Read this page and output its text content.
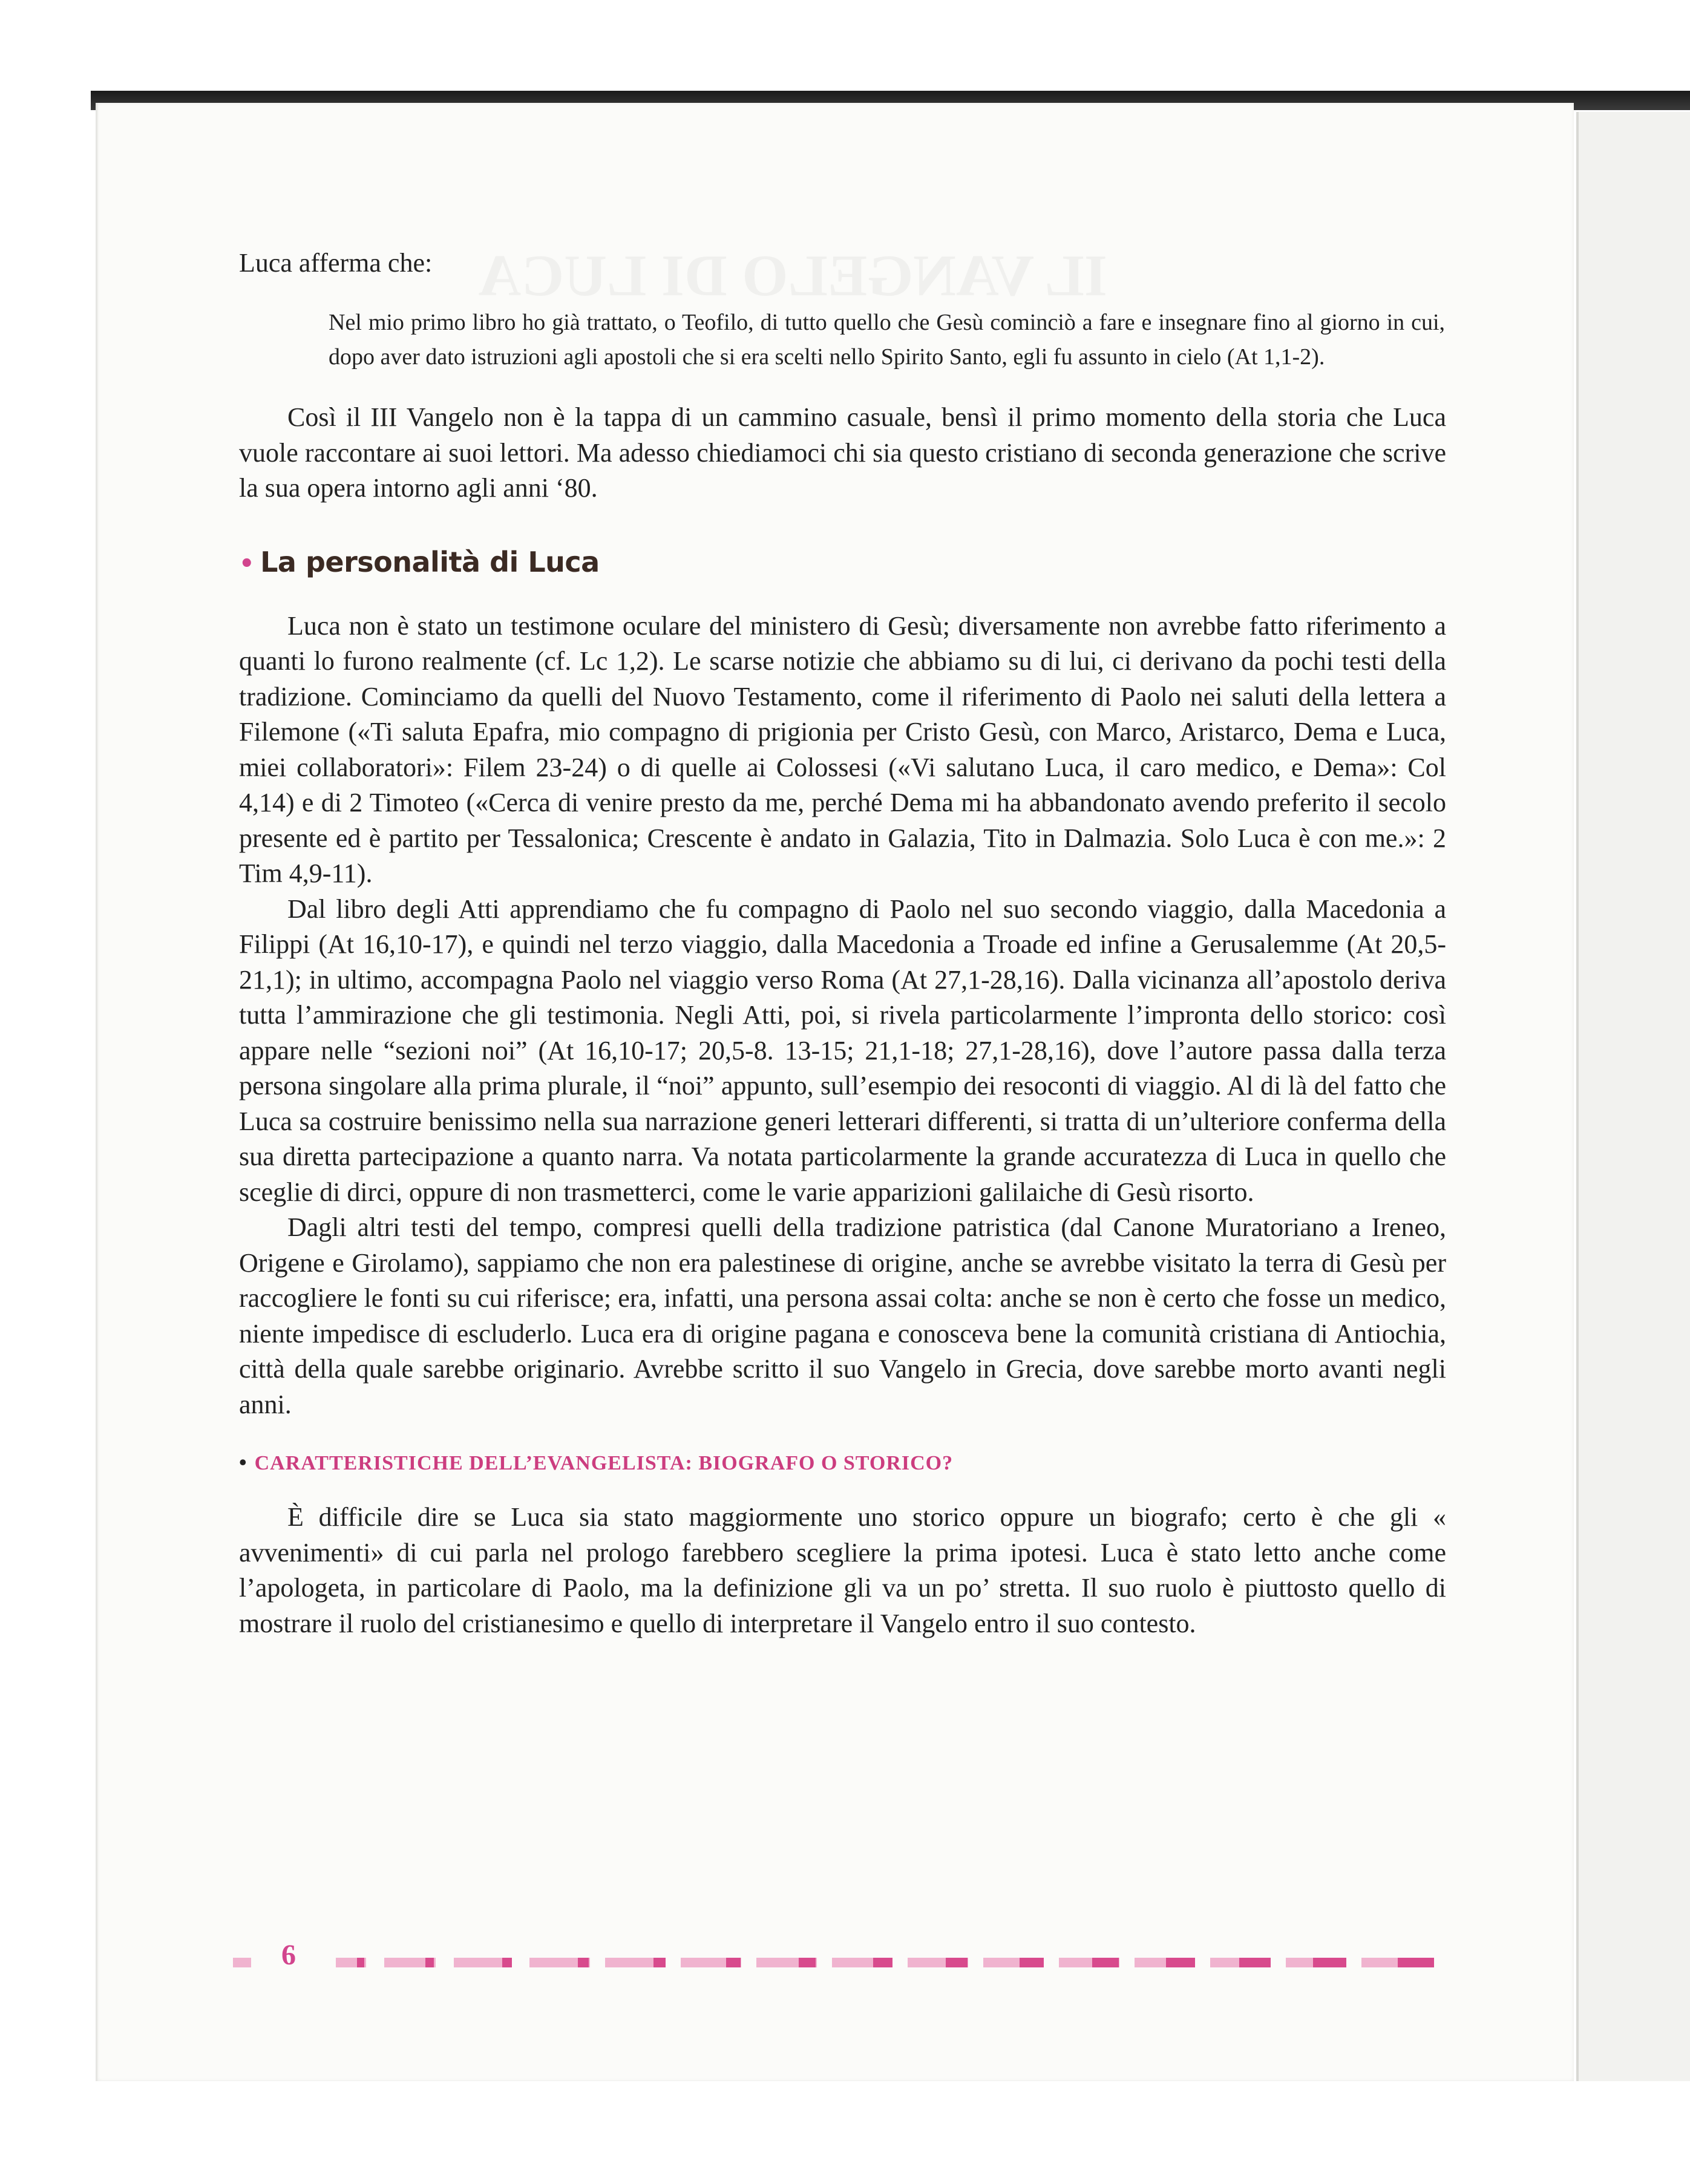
Luca afferma che:

Nel mio primo libro ho già trattato, o Teofilo, di tutto quello che Gesù cominciò a fare e insegnare fino al giorno in cui, dopo aver dato istruzioni agli apostoli che si era scelti nello Spirito Santo, egli fu assunto in cielo (At 1,1-2).

Così il III Vangelo non è la tappa di un cammino casuale, bensì il primo momento della storia che Luca vuole raccontare ai suoi lettori. Ma adesso chiediamoci chi sia questo cristiano di seconda generazione che scrive la sua opera intorno agli anni ‘80.

• La personalità di Luca

Luca non è stato un testimone oculare del ministero di Gesù; diversamente non avrebbe fatto riferimento a quanti lo furono realmente (cf. Lc 1,2). Le scarse notizie che abbiamo su di lui, ci derivano da pochi testi della tradizione. Cominciamo da quelli del Nuovo Testamento, come il riferimento di Paolo nei saluti della lettera a Filemone («Ti saluta Epafra, mio compagno di prigionia per Cristo Gesù, con Marco, Aristarco, Dema e Luca, miei collaboratori»: Filem 23-24) o di quelle ai Colossesi («Vi salutano Luca, il caro medico, e Dema»: Col 4,14) e di 2 Timoteo («Cerca di venire presto da me, perché Dema mi ha abbandonato avendo preferito il secolo presente ed è partito per Tessalonica; Crescente è andato in Galazia, Tito in Dalmazia. Solo Luca è con me.»: 2 Tim 4,9-11).

Dal libro degli Atti apprendiamo che fu compagno di Paolo nel suo secondo viaggio, dalla Macedonia a Filippi (At 16,10-17), e quindi nel terzo viaggio, dalla Macedonia a Troade ed infine a Gerusalemme (At 20,5-21,1); in ultimo, accompagna Paolo nel viaggio verso Roma (At 27,1-28,16). Dalla vicinanza all’apostolo deriva tutta l’ammirazione che gli testimonia. Negli Atti, poi, si rivela particolarmente l’impronta dello storico: così appare nelle “sezioni noi” (At 16,10-17; 20,5-8. 13-15; 21,1-18; 27,1-28,16), dove l’autore passa dalla terza persona singolare alla prima plurale, il “noi” appunto, sull’esempio dei resoconti di viaggio. Al di là del fatto che Luca sa costruire benissimo nella sua narrazione generi letterari differenti, si tratta di un’ulteriore conferma della sua diretta partecipazione a quanto narra. Va notata particolarmente la grande accuratezza di Luca in quello che sceglie di dirci, oppure di non trasmetterci, come le varie apparizioni galilaiche di Gesù risorto.

Dagli altri testi del tempo, compresi quelli della tradizione patristica (dal Canone Muratoriano a Ireneo, Origene e Girolamo), sappiamo che non era palestinese di origine, anche se avrebbe visitato la terra di Gesù per raccogliere le fonti su cui riferisce; era, infatti, una persona assai colta: anche se non è certo che fosse un medico, niente impedisce di escluderlo. Luca era di origine pagana e conosceva bene la comunità cristiana di Antiochia, città della quale sarebbe originario. Avrebbe scritto il suo Vangelo in Grecia, dove sarebbe morto avanti negli anni.

• CARATTERISTICHE DELL’EVANGELISTA: BIOGRAFO O STORICO?

È difficile dire se Luca sia stato maggiormente uno storico oppure un biografo; certo è che gli « avvenimenti» di cui parla nel prologo farebbero scegliere la prima ipotesi. Luca è stato letto anche come l’apologeta, in particolare di Paolo, ma la definizione gli va un po’ stretta. Il suo ruolo è piuttosto quello di mostrare il ruolo del cristianesimo e quello di interpretare il Vangelo entro il suo contesto.

6
